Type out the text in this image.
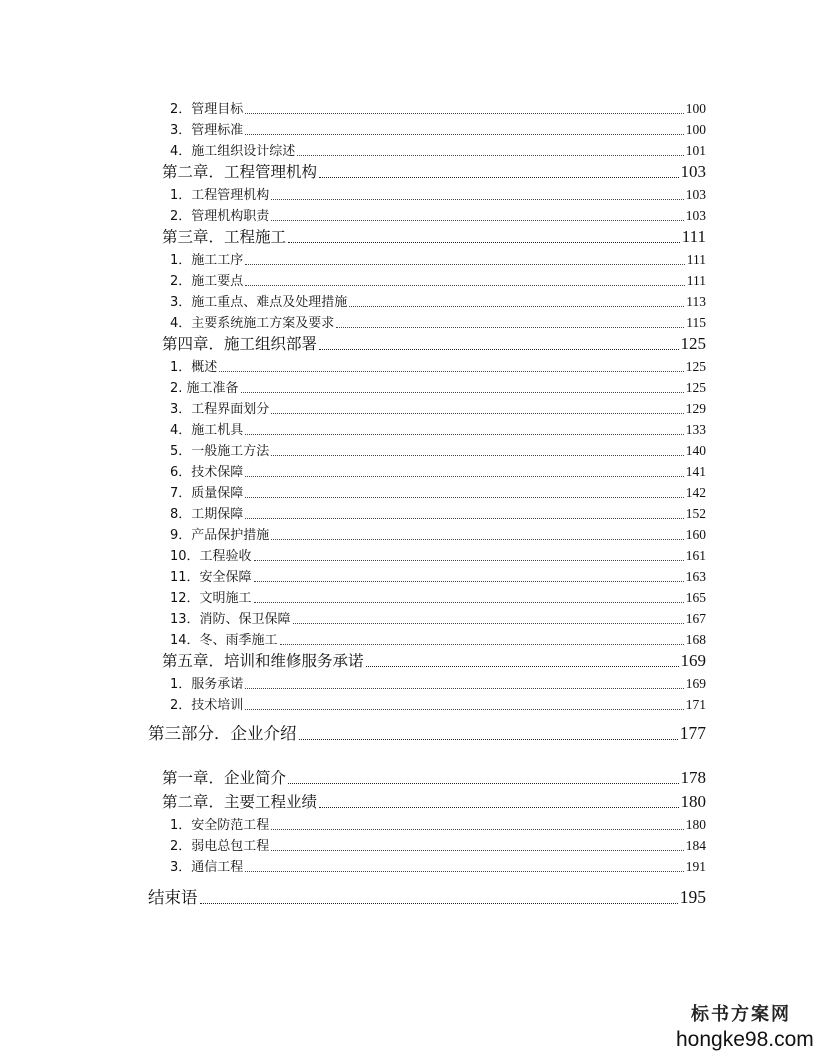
2．管理目标	100
3．管理标准	100
4．施工组织设计综述	101
第二章．工程管理机构	103
1．工程管理机构	103
2．管理机构职责	103
第三章．工程施工	111
1．施工工序	111
2．施工要点	111
3．施工重点、难点及处理措施	113
4．主要系统施工方案及要求	115
第四章．施工组织部署	125
1．概述	125
2. 施工准备	125
3．工程界面划分	129
4．施工机具	133
5．一般施工方法	140
6．技术保障	141
7．质量保障	142
8．工期保障	152
9．产品保护措施	160
10．工程验收	161
11．安全保障	163
12．文明施工	165
13．消防、保卫保障	167
14．冬、雨季施工	168
第五章．培训和维修服务承诺	169
1．服务承诺	169
2．技术培训	171
第三部分．企业介绍	177
第一章．企业简介	178
第二章．主要工程业绩	180
1．安全防范工程	180
2．弱电总包工程	184
3．通信工程	191
结束语	195
标书方案网
hongke98.com
